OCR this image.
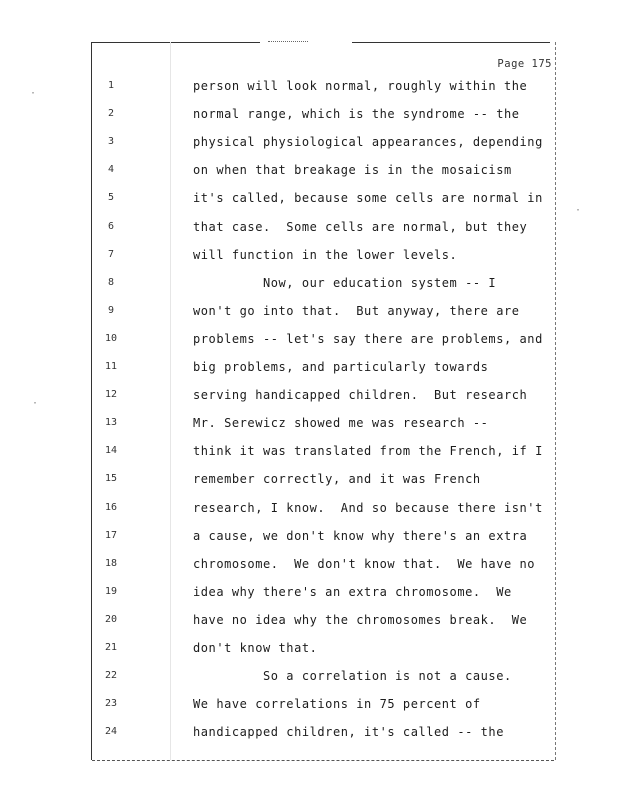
·
·
·
Page 175
1	person will look normal, roughly within the
2	normal range, which is the syndrome -- the
3	physical physiological appearances, depending
4	on when that breakage is in the mosaicism
5	it's called, because some cells are normal in
6	that case.  Some cells are normal, but they
7	will function in the lower levels.
8	Now, our education system -- I
9	won't go into that.  But anyway, there are
10	problems -- let's say there are problems, and
11	big problems, and particularly towards
12	serving handicapped children.  But research
13	Mr. Serewicz showed me was research --
14	think it was translated from the French, if I
15	remember correctly, and it was French
16	research, I know.  And so because there isn't
17	a cause, we don't know why there's an extra
18	chromosome.  We don't know that.  We have no
19	idea why there's an extra chromosome.  We
20	have no idea why the chromosomes break.  We
21	don't know that.
22	So a correlation is not a cause.
23	We have correlations in 75 percent of
24	handicapped children, it's called -- the
